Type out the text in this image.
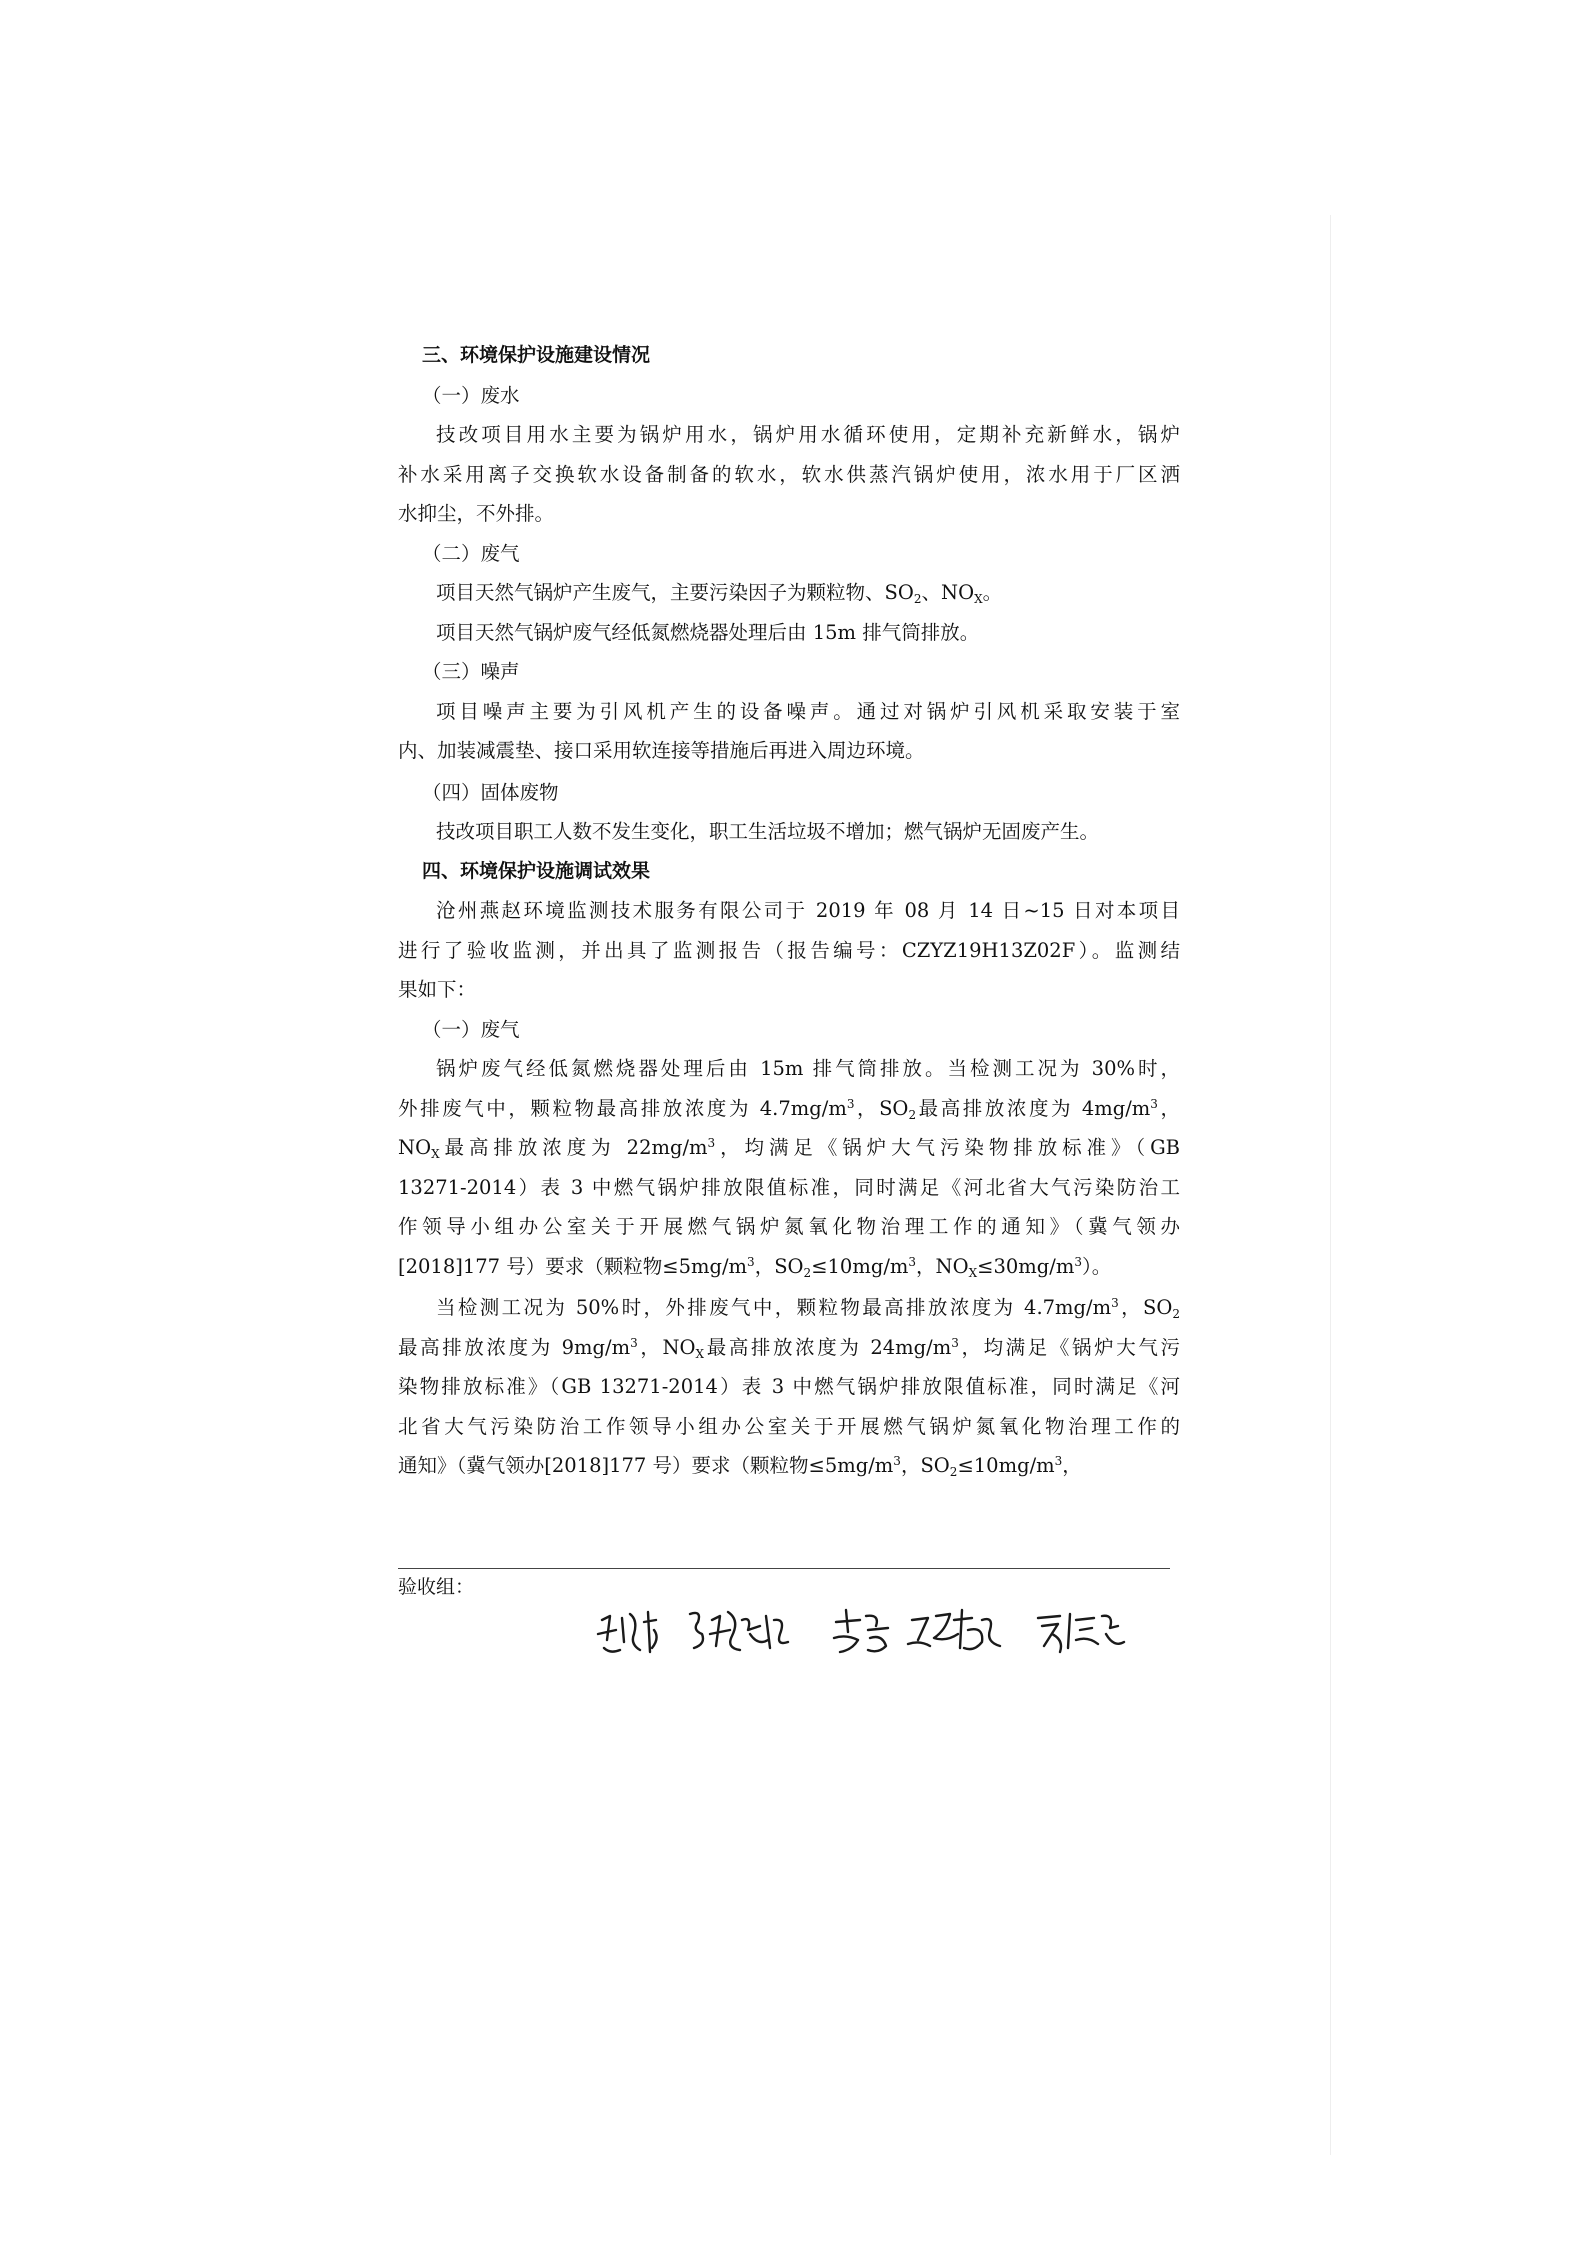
三、环境保护设施建设情况
（一）废水
技改项目用水主要为锅炉用水，锅炉用水循环使用，定期补充新鲜水，锅炉
补水采用离子交换软水设备制备的软水，软水供蒸汽锅炉使用，浓水用于厂区洒
水抑尘，不外排。
（二）废气
项目天然气锅炉产生废气，主要污染因子为颗粒物、$SO_2$、$NO_X$。
项目天然气锅炉废气经低氮燃烧器处理后由 15m 排气筒排放。
（三）噪声
项目噪声主要为引风机产生的设备噪声。通过对锅炉引风机采取安装于室
内、加装减震垫、接口采用软连接等措施后再进入周边环境。
（四）固体废物
技改项目职工人数不发生变化，职工生活垃圾不增加；燃气锅炉无固废产生。
四、环境保护设施调试效果
沧州燕赵环境监测技术服务有限公司于 2019 年 08 月 14 日~15 日对本项目
进行了验收监测，并出具了监测报告（报告编号：CZYZ19H13Z02F）。监测结
果如下：
（一）废气
锅炉废气经低氮燃烧器处理后由 15m 排气筒排放。当检测工况为 30%时，
外排废气中，颗粒物最高排放浓度为 $4.7mg/m^3$，$SO_2$最高排放浓度为 $4mg/m^3$，
$NO_X$最高排放浓度为 $22mg/m^3$，均满足《锅炉大气污染物排放标准》（GB
13271-2014）表 3 中燃气锅炉排放限值标准，同时满足《河北省大气污染防治工
作领导小组办公室关于开展燃气锅炉氮氧化物治理工作的通知》（冀气领办
[2018]177 号）要求（颗粒物$\le 5mg/m^3$，$SO_2\le 10mg/m^3$，$NO_X\le 30mg/m^3$）。
当检测工况为 50%时，外排废气中，颗粒物最高排放浓度为 $4.7mg/m^3$，$SO_2$
最高排放浓度为 $9mg/m^3$，$NO_X$最高排放浓度为 $24mg/m^3$，均满足《锅炉大气污
染物排放标准》（GB 13271-2014）表 3 中燃气锅炉排放限值标准，同时满足《河
北省大气污染防治工作领导小组办公室关于开展燃气锅炉氮氧化物治理工作的
通知》（冀气领办[2018]177 号）要求（颗粒物$\le 5mg/m^3$，$SO_2\le 10mg/m^3$，
验收组：
